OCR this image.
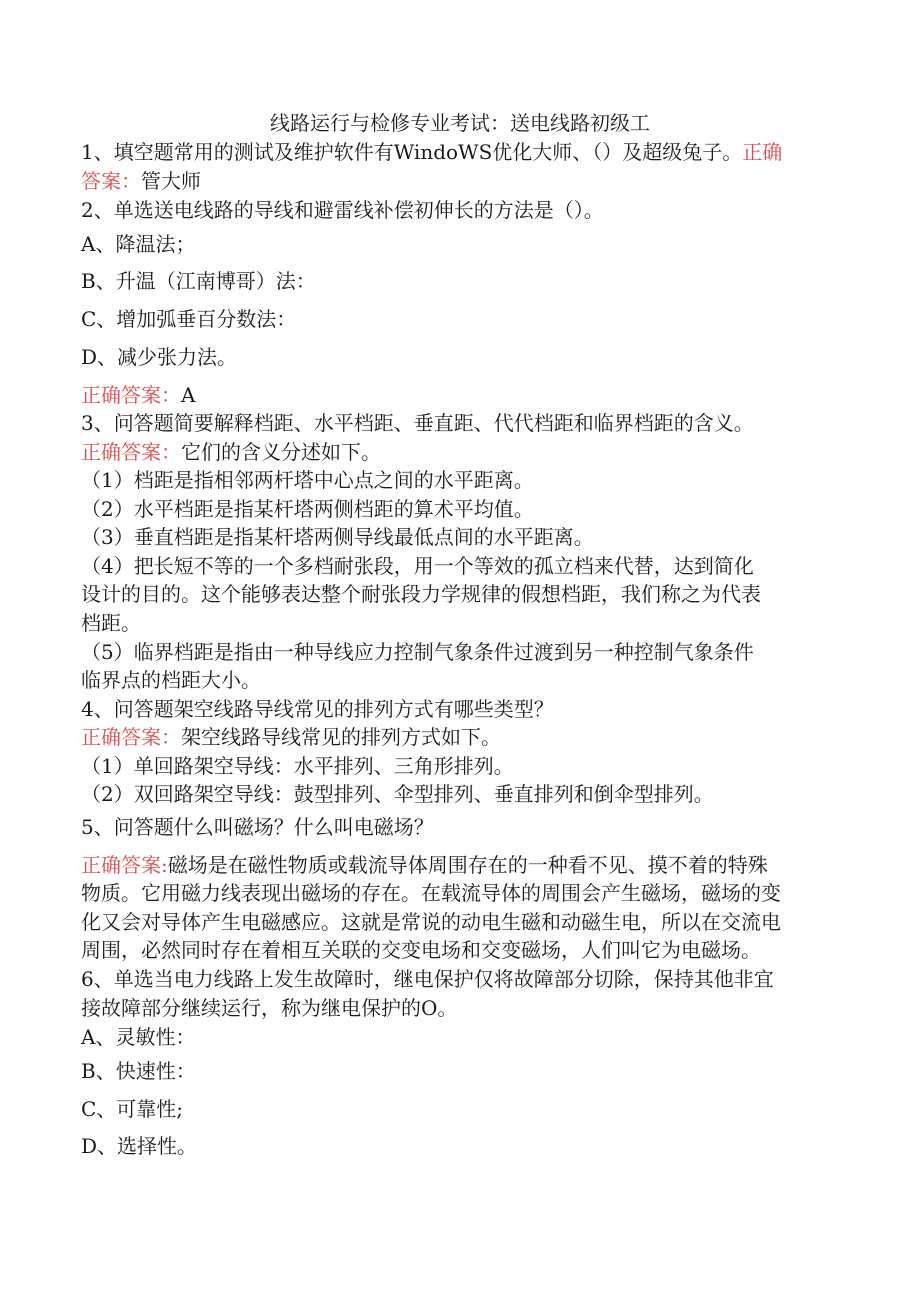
线路运行与检修专业考试：送电线路初级工
1、填空题常用的测试及维护软件有WindoWS优化大师、（）及超级兔子。正确
答案：管大师
2、单选送电线路的导线和避雷线补偿初伸长的方法是（）。
A、降温法；
B、升温（江南博哥）法：
C、增加弧垂百分数法：
D、减少张力法。
正确答案：A
3、问答题简要解释档距、水平档距、垂直距、代代档距和临界档距的含义。
正确答案：它们的含义分述如下。
（1）档距是指相邻两杆塔中心点之间的水平距离。
（2）水平档距是指某杆塔两侧档距的算术平均值。
（3）垂直档距是指某杆塔两侧导线最低点间的水平距离。
（4）把长短不等的一个多档耐张段，用一个等效的孤立档来代替，达到简化
设计的目的。这个能够表达整个耐张段力学规律的假想档距，我们称之为代表
档距。
（5）临界档距是指由一种导线应力控制气象条件过渡到另一种控制气象条件
临界点的档距大小。
4、问答题架空线路导线常见的排列方式有哪些类型？
正确答案：架空线路导线常见的排列方式如下。
（1）单回路架空导线：水平排列、三角形排列。
（2）双回路架空导线：鼓型排列、伞型排列、垂直排列和倒伞型排列。
5、问答题什么叫磁场？什么叫电磁场？
正确答案:磁场是在磁性物质或载流导体周围存在的一种看不见、摸不着的特殊
物质。它用磁力线表现出磁场的存在。在载流导体的周围会产生磁场，磁场的变
化又会对导体产生电磁感应。这就是常说的动电生磁和动磁生电，所以在交流电
周围，必然同时存在着相互关联的交变电场和交变磁场，人们叫它为电磁场。
6、单选当电力线路上发生故障时，继电保护仅将故障部分切除，保持其他非宜
接故障部分继续运行，称为继电保护的O。
A、灵敏性：
B、快速性：
C、可靠性;
D、选择性。
